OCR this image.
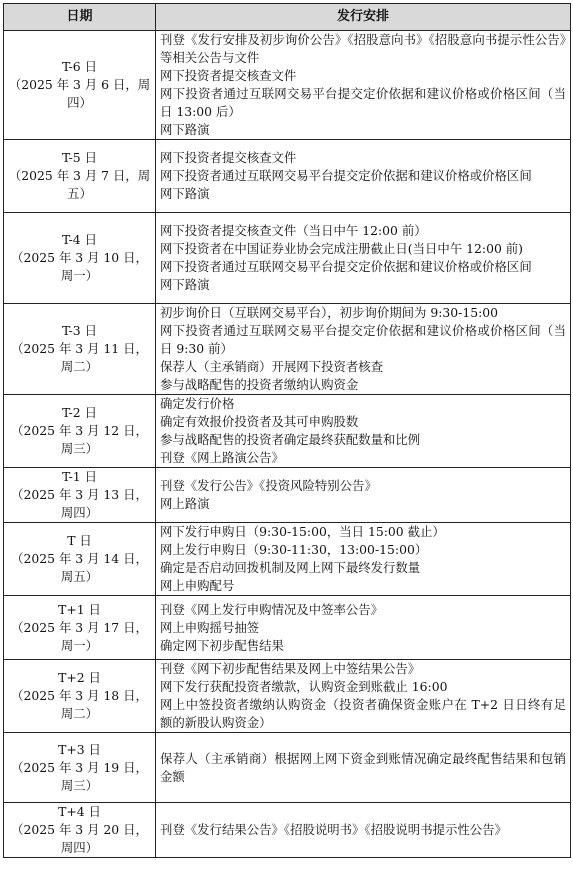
日期	发行安排

T-6 日
（2025 年 3 月 6 日，周
四）	刊登《发行安排及初步询价公告》《招股意向书》《招股意向书提示性公告》等相关公告与文件
网下投资者提交核查文件
网下投资者通过互联网交易平台提交定价依据和建议价格或价格区间（当日 13:00 后）
网下路演

T-5 日
（2025 年 3 月 7 日，周
五）	网下投资者提交核查文件
网下投资者通过互联网交易平台提交定价依据和建议价格或价格区间
网下路演

T-4 日
（2025 年 3 月 10 日，
周一）	网下投资者提交核查文件（当日中午 12:00 前）
网下投资者在中国证券业协会完成注册截止日(当日中午 12:00 前)
网下投资者通过互联网交易平台提交定价依据和建议价格或价格区间
网下路演

T-3 日
（2025 年 3 月 11 日，
周二）	初步询价日（互联网交易平台），初步询价期间为 9:30-15:00
网下投资者通过互联网交易平台提交定价依据和建议价格或价格区间（当日 9:30 前）
保荐人（主承销商）开展网下投资者核查
参与战略配售的投资者缴纳认购资金

T-2 日
（2025 年 3 月 12 日，
周三）	确定发行价格
确定有效报价投资者及其可申购股数
参与战略配售的投资者确定最终获配数量和比例
刊登《网上路演公告》

T-1 日
（2025 年 3 月 13 日，
周四）	刊登《发行公告》《投资风险特别公告》
网上路演

T 日
（2025 年 3 月 14 日，
周五）	网下发行申购日（9:30-15:00，当日 15:00 截止）
网上发行申购日（9:30-11:30，13:00-15:00）
确定是否启动回拨机制及网上网下最终发行数量
网上申购配号

T+1 日
（2025 年 3 月 17 日，
周一）	刊登《网上发行申购情况及中签率公告》
网上申购摇号抽签
确定网下初步配售结果

T+2 日
（2025 年 3 月 18 日，
周二）	刊登《网下初步配售结果及网上中签结果公告》
网下发行获配投资者缴款，认购资金到账截止 16:00
网上中签投资者缴纳认购资金（投资者确保资金账户在 T+2 日日终有足额的新股认购资金）

T+3 日
（2025 年 3 月 19 日，
周三）	保荐人（主承销商）根据网上网下资金到账情况确定最终配售结果和包销金额

T+4 日
（2025 年 3 月 20 日，
周四）	刊登《发行结果公告》《招股说明书》《招股说明书提示性公告》
